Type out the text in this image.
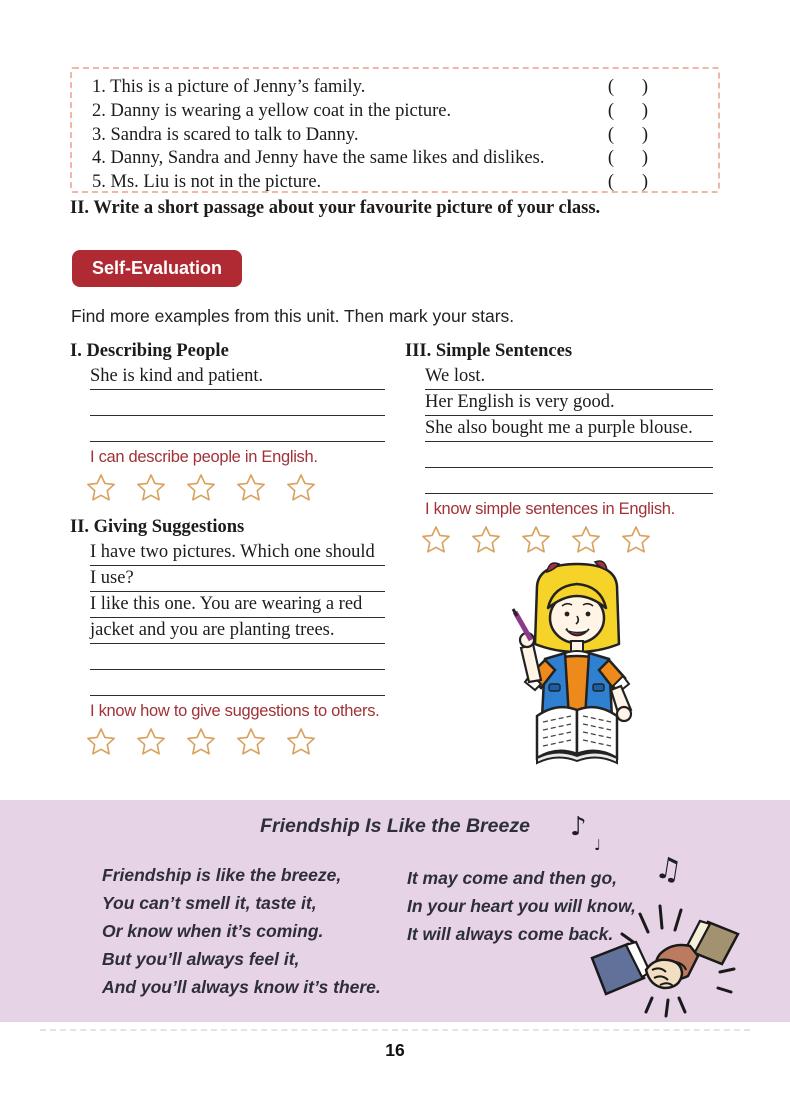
1. This is a picture of Jenny’s family.	(      )
2. Danny is wearing a yellow coat in the picture.	(      )
3. Sandra is scared to talk to Danny.	(      )
4. Danny, Sandra and Jenny have the same likes and dislikes.	(      )
5. Ms. Liu is not in the picture.	(      )
II. Write a short passage about your favourite picture of your class.
Self-Evaluation
Find more examples from this unit. Then mark your stars.
I. Describing People
She is kind and patient.
I can describe people in English.
II. Giving Suggestions
I have two pictures. Which one should
I use?
I like this one. You are wearing a red
jacket and you are planting trees.
I know how to give suggestions to others.
III. Simple Sentences
We lost.
Her English is very good.
She also bought me a purple blouse.
I know simple sentences in English.
Friendship Is Like the Breeze	♪
♩
♫
Friendship is like the breeze,
You can’t smell it, taste it,
Or know when it’s coming.
But you’ll always feel it,
And you’ll always know it’s there.
It may come and then go,
In your heart you will know,
It will always come back.
16
